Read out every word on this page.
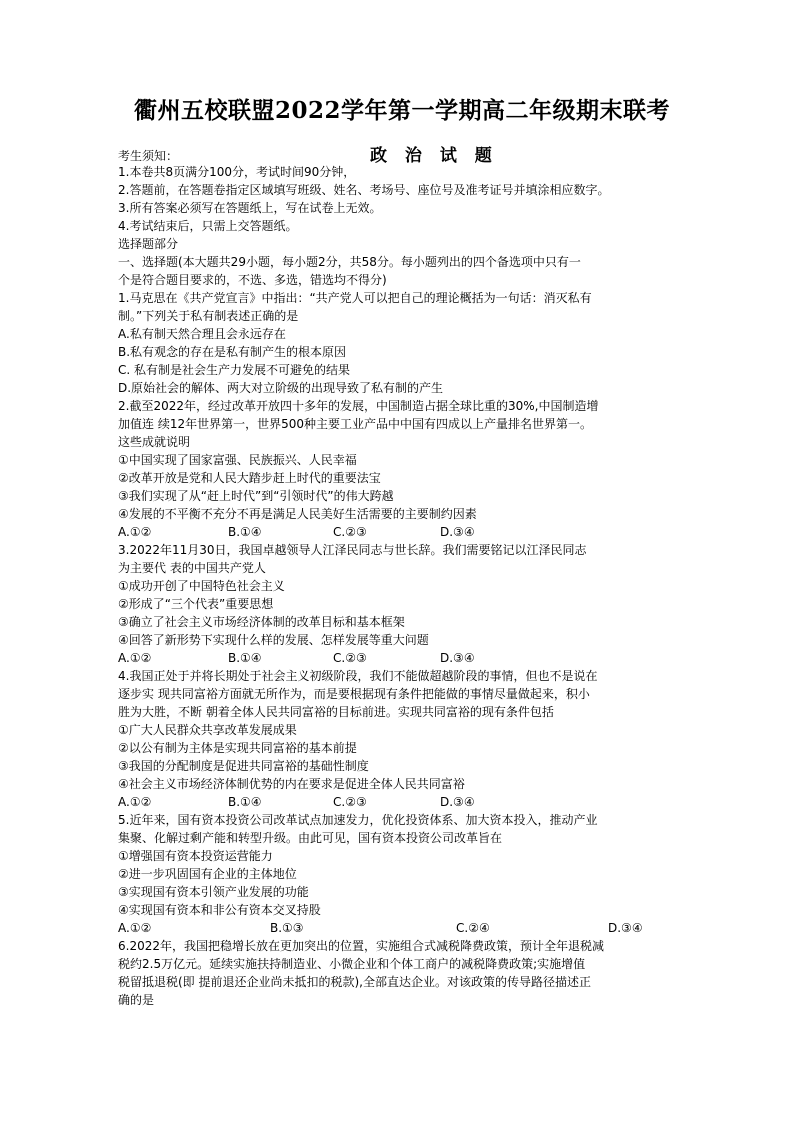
衢州五校联盟2022学年第一学期高二年级期末联考
考生须知：	政 治 试 题
1.本卷共8页满分100分，考试时间90分钟，
2.答题前，在答题卷指定区域填写班级、姓名、考场号、座位号及准考证号并填涂相应数字。
3.所有答案必须写在答题纸上，写在试卷上无效。
4.考试结束后，只需上交答题纸。
选择题部分
一、选择题(本大题共29小题，每小题2分，共58分。每小题列出的四个备选项中只有一
个是符合题目要求的，不选、多选，错选均不得分)
1.马克思在《共产党宣言》中指出：“共产党人可以把自己的理论概括为一句话：消灭私有
制。”下列关于私有制表述正确的是
A.私有制天然合理且会永远存在
B.私有观念的存在是私有制产生的根本原因
C. 私有制是社会生产力发展不可避免的结果
D.原始社会的解体、两大对立阶级的出现导致了私有制的产生
2.截至2022年，经过改革开放四十多年的发展，中国制造占据全球比重的30%,中国制造增
加值连 续12年世界第一，世界500种主要工业产品中中国有四成以上产量排名世界第一。
这些成就说明
①中国实现了国家富强、民族振兴、人民幸福
②改革开放是党和人民大踏步赶上时代的重要法宝
③我们实现了从“赶上时代”到“引领时代”的伟大跨越
④发展的不平衡不充分不再是满足人民美好生活需要的主要制约因素
A.①②	B.①④	C.②③	D.③④
3.2022年11月30日，我国卓越领导人江泽民同志与世长辞。我们需要铭记以江泽民同志
为主要代 表的中国共产党人
①成功开创了中国特色社会主义
②形成了“三个代表”重要思想
③确立了社会主义市场经济体制的改革目标和基本框架
④回答了新形势下实现什么样的发展、怎样发展等重大问题
A.①②	B.①④	C.②③	D.③④
4.我国正处于并将长期处于社会主义初级阶段，我们不能做超越阶段的事情，但也不是说在
逐步实 现共同富裕方面就无所作为，而是要根据现有条件把能做的事情尽量做起来，积小
胜为大胜，不断 朝着全体人民共同富裕的目标前进。实现共同富裕的现有条件包括
①广大人民群众共享改革发展成果
②以公有制为主体是实现共同富裕的基本前提
③我国的分配制度是促进共同富裕的基础性制度
④社会主义市场经济体制优势的内在要求是促进全体人民共同富裕
A.①②	B.①④	C.②③	D.③④
5.近年来，国有资本投资公司改革试点加速发力，优化投资体系、加大资本投入，推动产业
集聚、化解过剩产能和转型升级。由此可见，国有资本投资公司改革旨在
①增强国有资本投资运营能力
②进一步巩固国有企业的主体地位
③实现国有资本引领产业发展的功能
④实现国有资本和非公有资本交叉持股
A.①②	B.①③	C.②④	D.③④
6.2022年，我国把稳增长放在更加突出的位置，实施组合式减税降费政策，预计全年退税减
税约2.5万亿元。延续实施扶持制造业、小微企业和个体工商户的减税降费政策;实施增值
税留抵退税(即 提前退还企业尚未抵扣的税款),全部直达企业。对该政策的传导路径描述正
确的是
